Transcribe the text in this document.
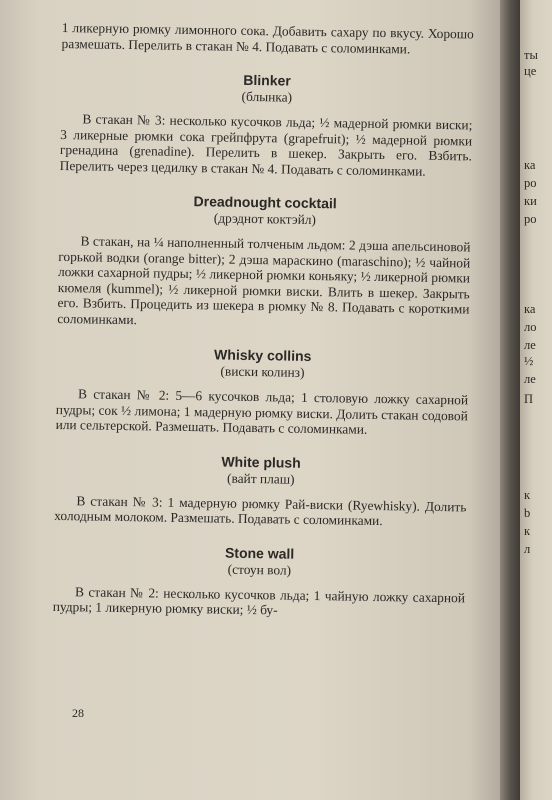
1 ликерную рюмку лимонного сока. Добавить сахару по вкусу. Хорошо размешать. Перелить в стакан № 4. Подавать с соломинками.

Blinker
(блынка)

В стакан № 3: несколько кусочков льда; ½ мадерной рюмки виски; 3 ликерные рюмки сока грейпфрута (grapefruit); ½ мадерной рюмки гренадина (grenadine). Перелить в шекер. Закрыть его. Взбить. Перелить через цедилку в стакан № 4. Подавать с соломинками.

Dreadnought cocktail
(дрэднот коктэйл)

В стакан, на ¼ наполненный толченым льдом: 2 дэша апельсиновой горькой водки (orange bitter); 2 дэша мараскино (maraschino); ½ чайной ложки сахарной пудры; ½ ликерной рюмки коньяку; ½ ликерной рюмки кюмеля (kummel); ½ ликерной рюмки виски. Влить в шекер. Закрыть его. Взбить. Процедить из шекера в рюмку № 8. Подавать с короткими соломинками.

Whisky collins
(виски колинз)

В стакан № 2: 5—6 кусочков льда; 1 столовую ложку сахарной пудры; сок ½ лимона; 1 мадерную рюмку виски. Долить стакан содовой или сельтерской. Размешать. Подавать с соломинками.

White plush
(вайт плаш)

В стакан № 3: 1 мадерную рюмку Рай-виски (Ryewhisky). Долить холодным молоком. Размешать. Подавать с соломинками.

Stone wall
(стоун вол)

В стакан № 2: несколько кусочков льда; 1 чайную ложку сахарной пудры; 1 ликерную рюмку виски; ½ бу-

28
ты
це
ка
ро
ки
ро
ка
ло
ле
½
ле
П
к
b
к
л
